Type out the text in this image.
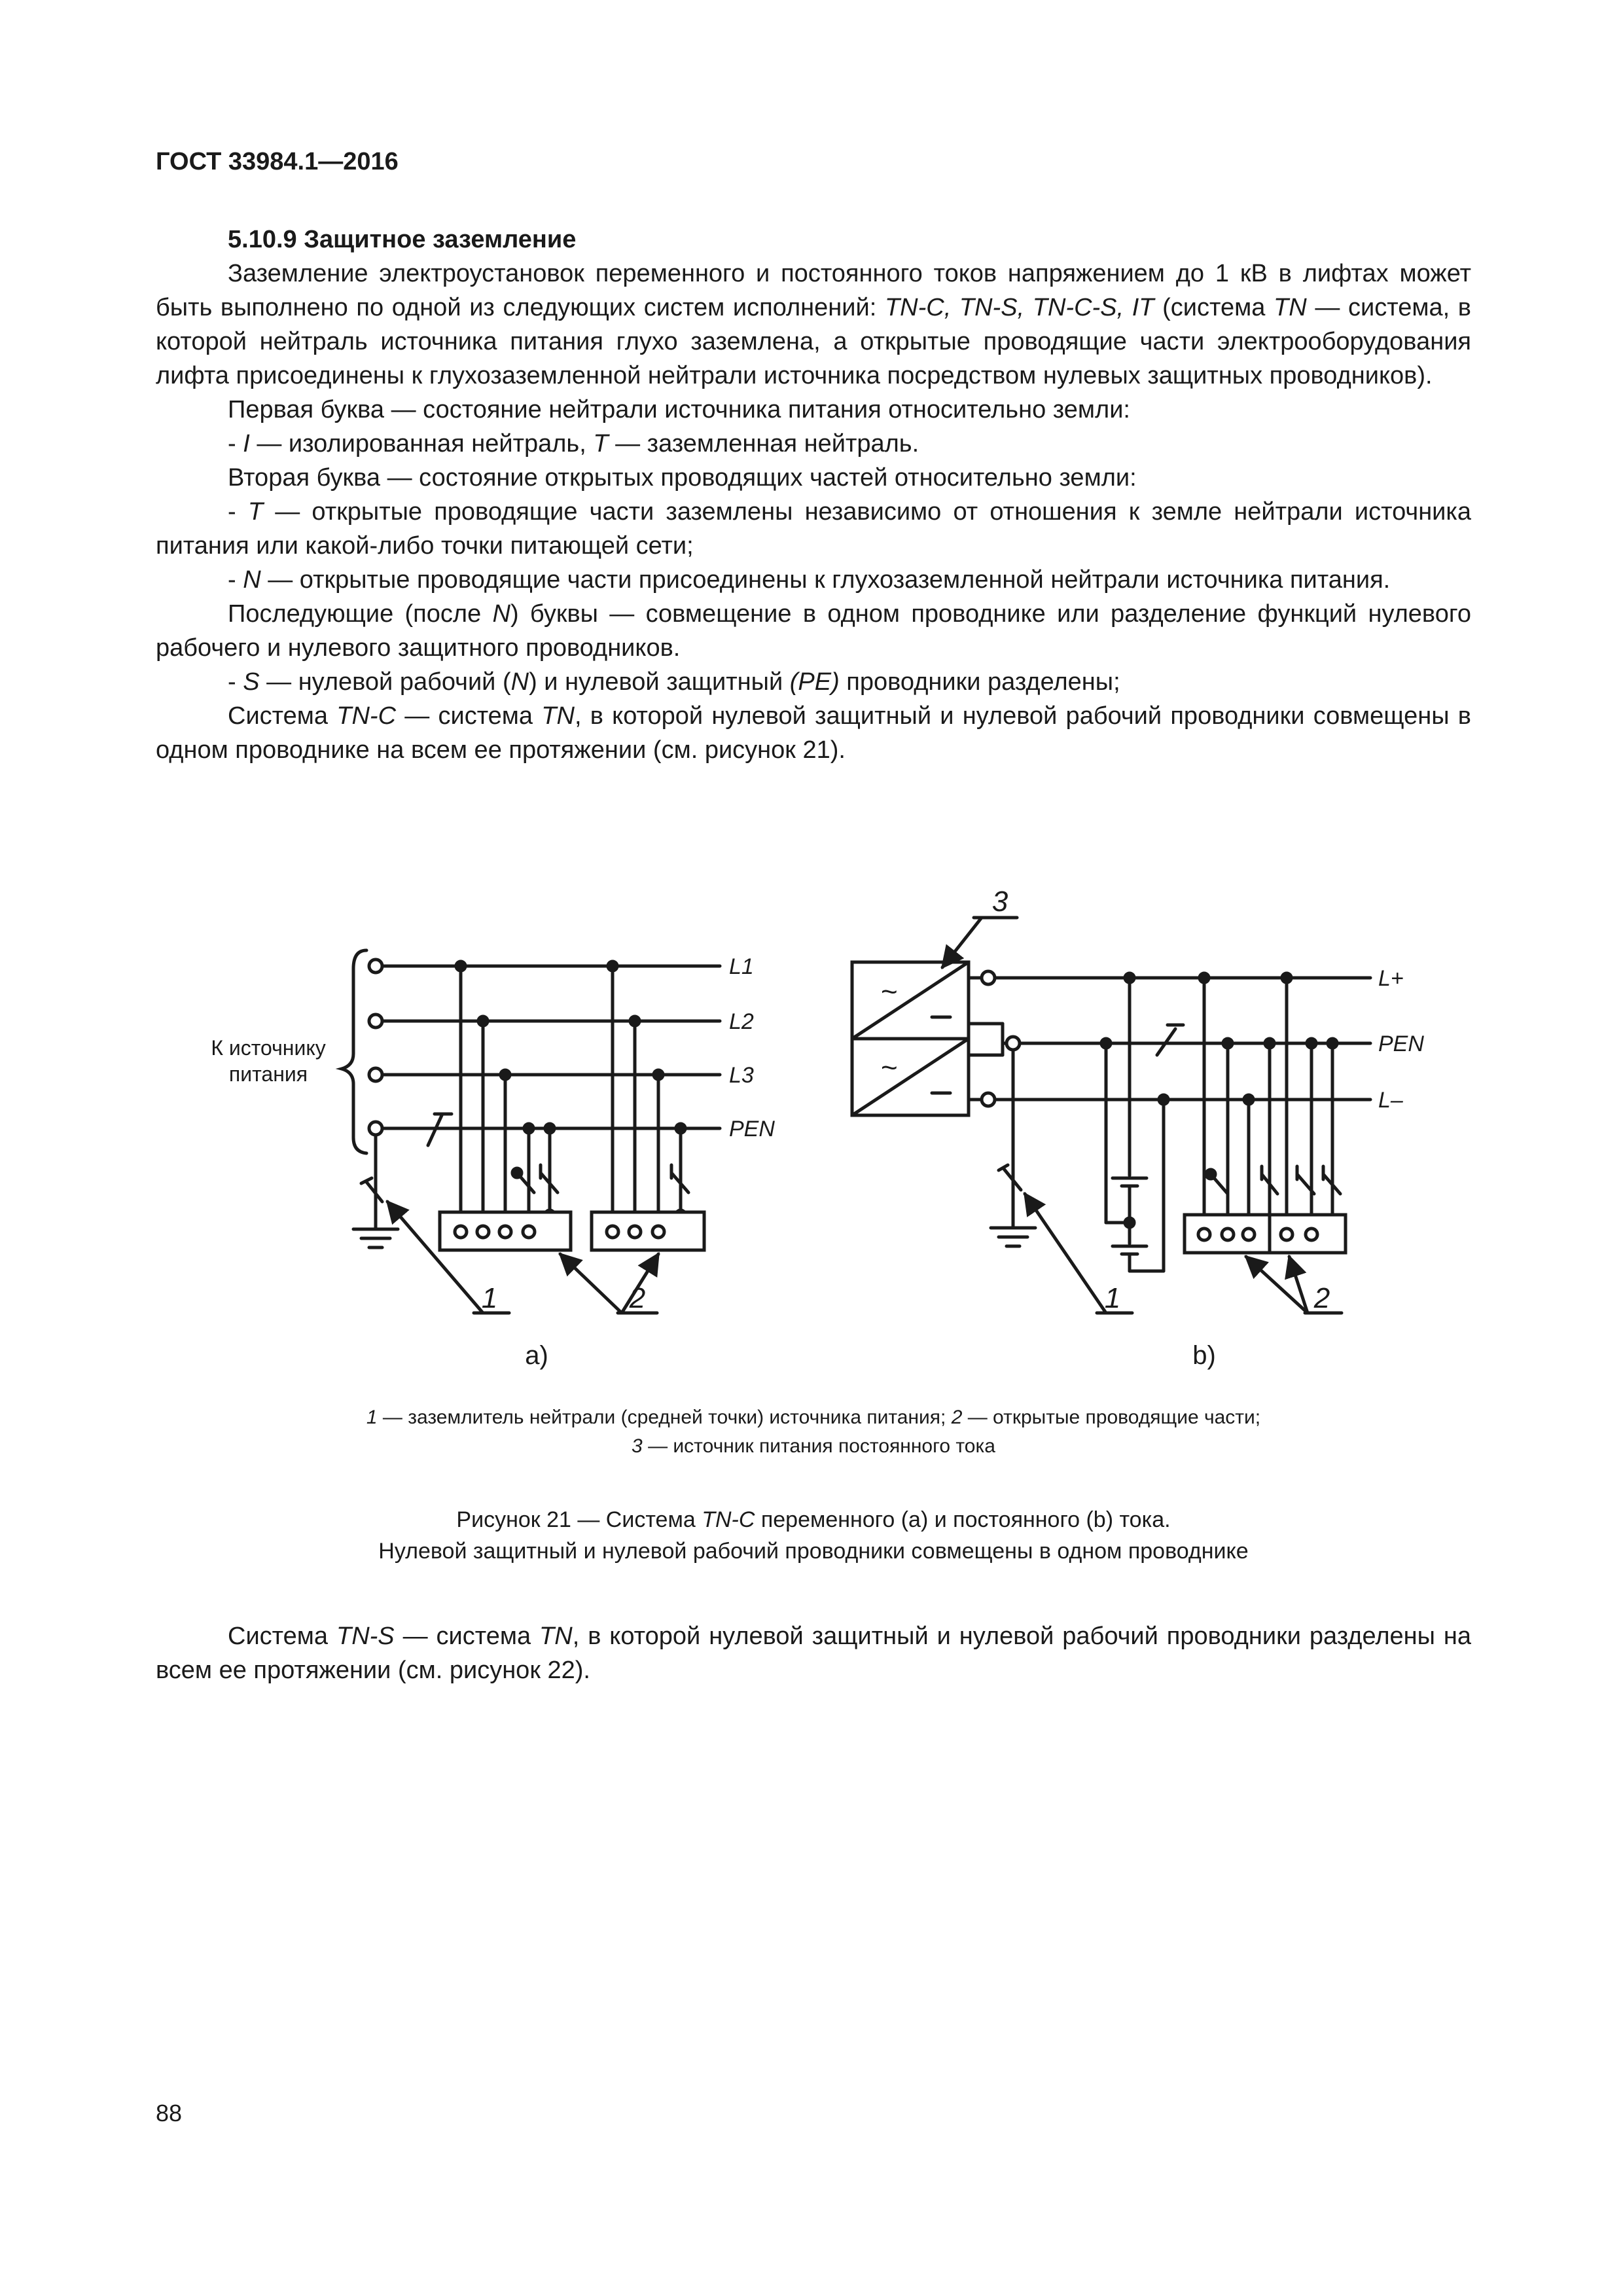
ГОСТ 33984.1—2016

5.10.9 Защитное заземление

Заземление электроустановок переменного и постоянного токов напряжением до 1 кВ в лифтах может быть выполнено по одной из следующих систем исполнений: TN-C, TN-S, TN-C-S, IT (система TN — система, в которой нейтраль источника питания глухо заземлена, а открытые проводящие части электрооборудования лифта присоединены к глухозаземленной нейтрали источника посредством нулевых защитных проводников).

Первая буква — состояние нейтрали источника питания относительно земли:

- I — изолированная нейтраль, T — заземленная нейтраль.

Вторая буква — состояние открытых проводящих частей относительно земли:

- T — открытые проводящие части заземлены независимо от отношения к земле нейтрали источника питания или какой-либо точки питающей сети;

- N — открытые проводящие части присоединены к глухозаземленной нейтрали источника питания.

Последующие (после N) буквы — совмещение в одном проводнике или разделение функций нулевого рабочего и нулевого защитного проводников.

- S — нулевой рабочий (N) и нулевой защитный (PE) проводники разделены;

Система TN-C — система TN, в которой нулевой защитный и нулевой рабочий проводники совмещены в одном проводнике на всем ее протяжении (см. рисунок 21).

К источнику
питания
L1
L2
L3
PEN
1	2
a)
~
~
3
L+
PEN
L–
1	2
b)
1 — заземлитель нейтрали (средней точки) источника питания; 2 — открытые проводящие части;
3 — источник питания постоянного тока
Рисунок 21 — Система TN-C переменного (a) и постоянного (b) тока.
Нулевой защитный и нулевой рабочий проводники совмещены в одном проводнике

Система TN-S — система TN, в которой нулевой защитный и нулевой рабочий проводники разделены на всем ее протяжении (см. рисунок 22).

88
